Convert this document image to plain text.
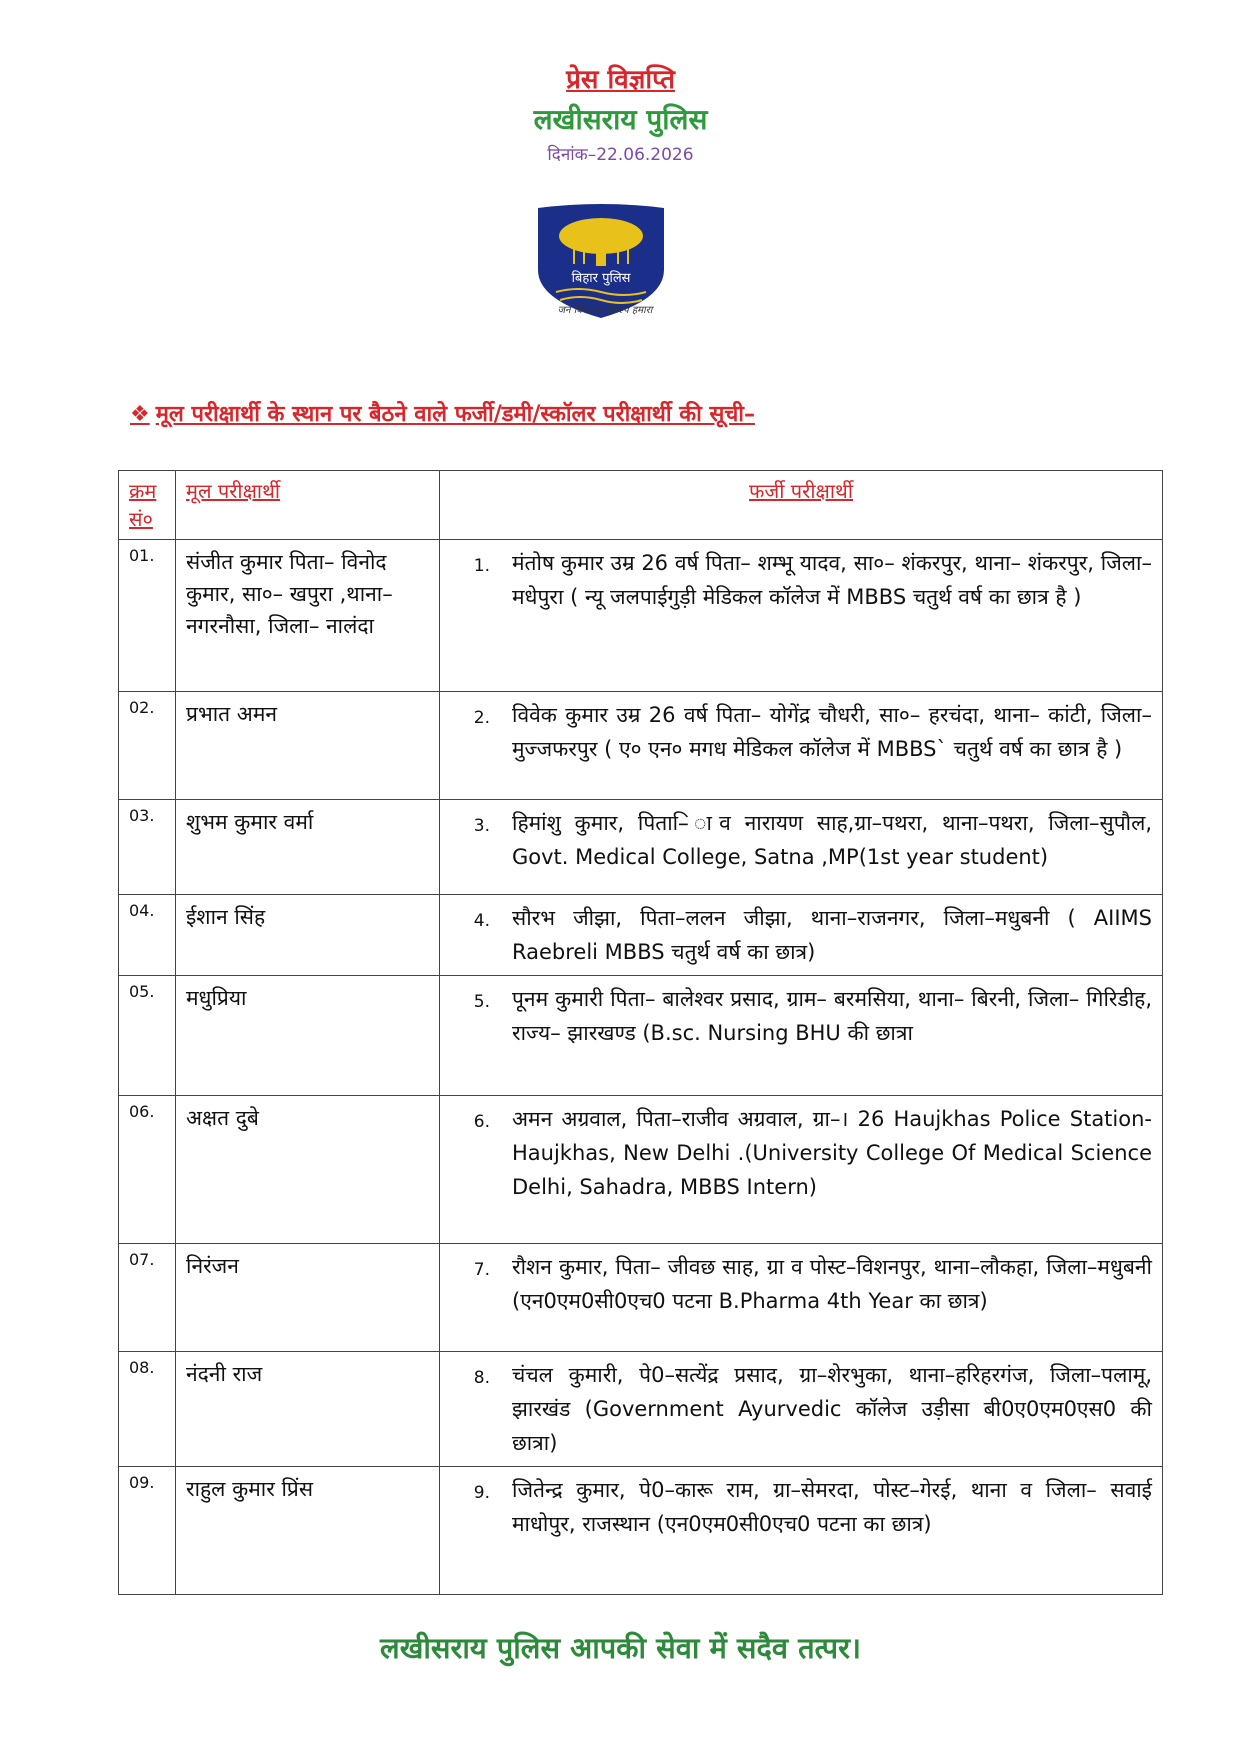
प्रेस विज्ञप्ति
लखीसराय पुलिस
दिनांक–22.06.2026
बिहार पुलिस
जन विश्वास संकल्प हमारा
❖ मूल परीक्षार्थी के स्थान पर बैठने वाले फर्जी/डमी/स्कॉलर परीक्षार्थी की सूची–
क्रम सं०	मूल परीक्षार्थी	फर्जी परीक्षार्थी
01.	संजीत कुमार पिता– विनोद कुमार, सा०– खपुरा ,थाना– नगरनौसा, जिला– नालंदा	1. मंतोष कुमार उम्र 26 वर्ष पिता– शम्भू यादव, सा०– शंकरपुर, थाना– शंकरपुर, जिला– मधेपुरा ( न्यू जलपाईगुड़ी मेडिकल कॉलेज में MBBS चतुर्थ वर्ष का छात्र है )

02.	प्रभात अमन	2. विवेक कुमार उम्र 26 वर्ष पिता– योगेंद्र चौधरी, सा०– हरचंदा, थाना– कांटी, जिला– मुज्जफरपुर ( ए० एन० मगध मेडिकल कॉलेज में MBBS` चतुर्थ वर्ष का छात्र है )

03.	शुभम कुमार वर्मा	3. हिमांशु कुमार, पिता–ि ाव नारायण साह,ग्रा–पथरा, थाना–पथरा, जिला–सुपौल, Govt. Medical College, Satna ,MP(1st year student)

04.	ईशान सिंह	4. सौरभ जीझा, पिता–ललन जीझा, थाना–राजनगर, जिला–मधुबनी ( AIIMS Raebreli MBBS चतुर्थ वर्ष का छात्र)

05.	मधुप्रिया	5. पूनम कुमारी पिता– बालेश्वर प्रसाद, ग्राम– बरमसिया, थाना– बिरनी, जिला– गिरिडीह, राज्य– झारखण्ड (B.sc. Nursing BHU की छात्रा

06.	अक्षत दुबे	6. अमन अग्रवाल, पिता–राजीव अग्रवाल, ग्रा–। 26 Haujkhas Police Station- Haujkhas, New Delhi .(University College Of Medical Science Delhi, Sahadra, MBBS Intern)

07.	निरंजन	7. रौशन कुमार, पिता– जीवछ साह, ग्रा व पोस्ट–विशनपुर, थाना–लौकहा, जिला–मधुबनी (एन0एम0सी0एच0 पटना B.Pharma 4th Year का छात्र)

08.	नंदनी राज	8. चंचल कुमारी, पे0–सत्येंद्र प्रसाद, ग्रा–शेरभुका, थाना–हरिहरगंज, जिला–पलामू, झारखंड (Government Ayurvedic कॉलेज उड़ीसा बी0ए0एम0एस0 की छात्रा)

09.	राहुल कुमार प्रिंस	9. जितेन्द्र कुमार, पे0–कारू राम, ग्रा–सेमरदा, पोस्ट–गेरई, थाना व जिला– सवाई माधोपुर, राजस्थान (एन0एम0सी0एच0 पटना का छात्र)
लखीसराय पुलिस आपकी सेवा में सदैव तत्पर।
